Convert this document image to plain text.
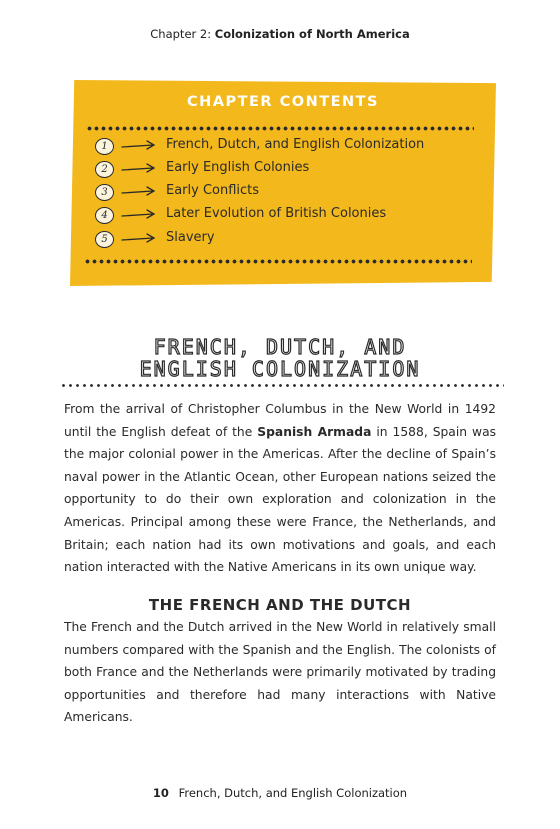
Chapter 2: Colonization of North America
CHAPTER CONTENTS
1	French, Dutch, and English Colonization
2	Early English Colonies
3	Early Conflicts
4	Later Evolution of British Colonies
5	Slavery
FRENCH, DUTCH, AND
ENGLISH COLONIZATION

From the arrival of Christopher Columbus in the New World in 1492 until the English defeat of the Spanish Armada in 1588, Spain was the major colonial power in the Americas. After the decline of Spain’s naval power in the Atlantic Ocean, other European nations seized the opportunity to do their own exploration and colonization in the Americas. Principal among these were France, the Netherlands, and Britain; each nation had its own motivations and goals, and each nation interacted with the Native Americans in its own unique way.

THE FRENCH AND THE DUTCH

The French and the Dutch arrived in the New World in relatively small numbers compared with the Spanish and the English. The colonists of both France and the Netherlands were primarily motivated by trading opportunities and therefore had many interactions with Native Americans.

10 French, Dutch, and English Colonization
